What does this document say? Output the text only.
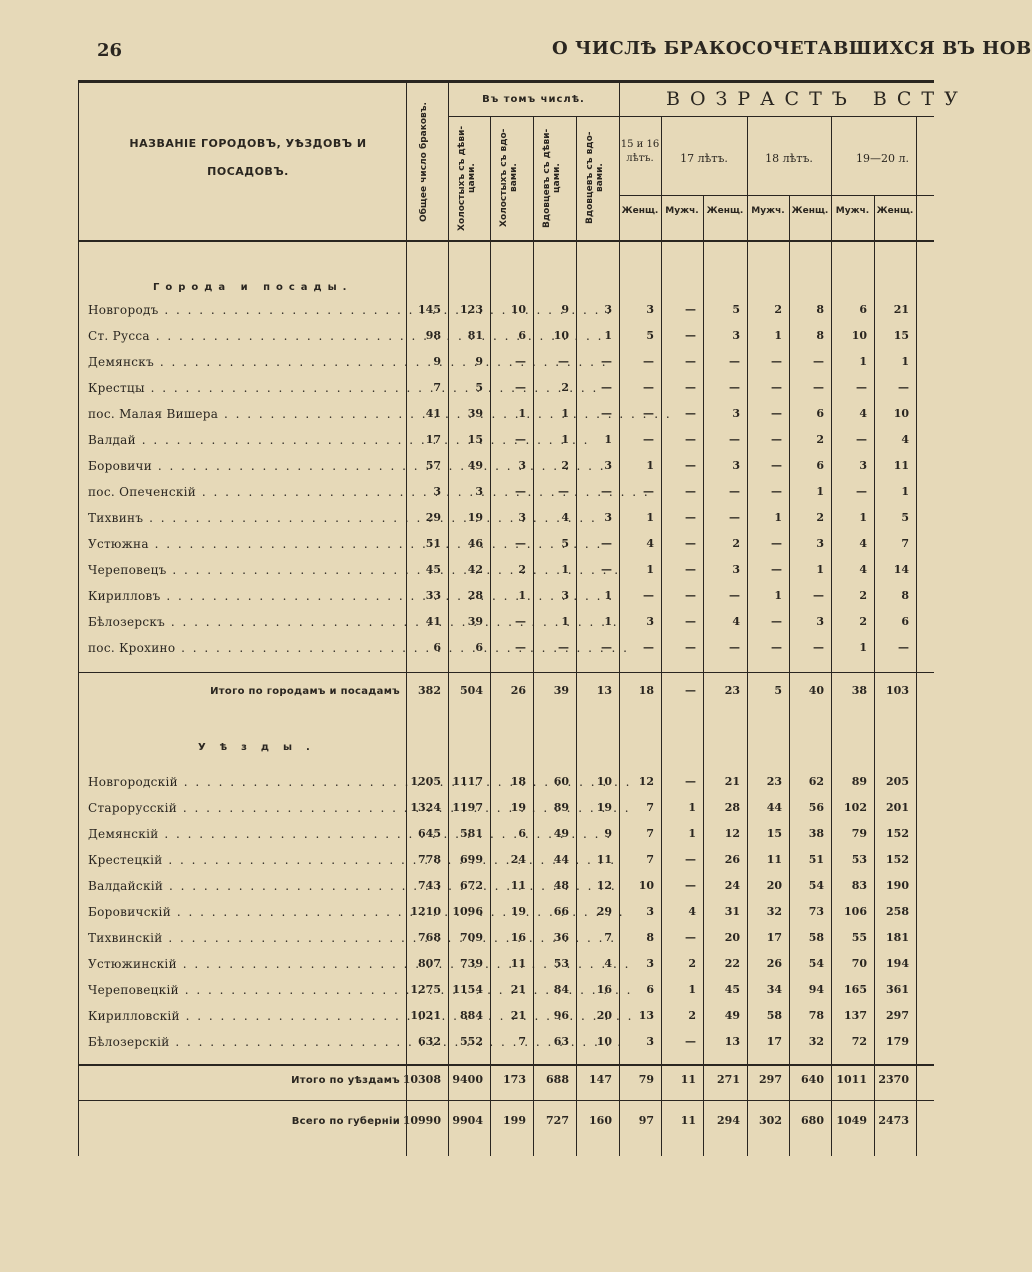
26	О ЧИСЛѢ БРАКОСОЧЕТАВШИХСЯ ВЪ НОВ
НАЗВАНІЕ ГОРОДОВЪ, УѢЗДОВЪ И
ПОСАДОВЪ.	Общее число браковъ.
Въ томъ числѣ.
Холостыхъ съ дѣви-цами.	Холостыхъ съ вдо-вами.	Вдовцевъ съ дѣви-цами.	Вдовцевъ съ вдо-вами.
ВОЗРАСТЪ ВСТУ
15 и 16 лѣтъ.	17 лѣтъ.	18 лѣтъ.	19—20 л.
Женщ. Мужч. Женщ. Мужч. Женщ. Мужч. Женщ.
Города и посады.
Уѣзды.
Новгородъ . . .	145	123	10	9	3	3	—	5	2	8	6	21
Ст. Русса . . .	98	81	6	10	1	5	—	3	1	8	10	15
Демянскъ . . .	9	9	—	—	—	—	—	—	—	—	1	1
Крестцы . . .	7	5	—	2	—	—	—	—	—	—	—	—
пос. Малая Вишера . . .	41	39	1	1	—	—	—	3	—	6	4	10
Валдай . . .	17	15	—	1	1	—	—	—	—	2	—	4
Боровичи . . .	57	49	3	2	3	1	—	3	—	6	3	11
пос. Опеченскій . . .	3	3	—	—	—	—	—	—	—	1	—	1
Тихвинъ . . .	29	19	3	4	3	1	—	—	1	2	1	5
Устюжна . . .	51	46	—	5	—	4	—	2	—	3	4	7
Череповецъ . . .	45	42	2	1	—	1	—	3	—	1	4	14
Кирилловъ . . .	33	28	1	3	1	—	—	—	1	—	2	8
Бѣлозерскъ . . .	41	39	—	1	1	3	—	4	—	3	2	6
пос. Крохино . . .	6	6	—	—	—	—	—	—	—	—	1	—
Итого по городамъ и посадамъ	382	504	26	39	13	18	—	23	5	40	38	103
Новгородскій . . .	1205	1117	18	60	10	12	—	21	23	62	89	205
Старорусскій . . .	1324	1197	19	89	19	7	1	28	44	56	102	201
Демянскій . . .	645	581	6	49	9	7	1	12	15	38	79	152
Крестецкій . . .	778	699	24	44	11	7	—	26	11	51	53	152
Валдайскій . . .	743	672	11	48	12	10	—	24	20	54	83	190
Боровичскій . . .	1210	1096	19	66	29	3	4	31	32	73	106	258
Тихвинскій . . .	768	709	16	36	7	8	—	20	17	58	55	181
Устюжинскій . . .	807	739	11	53	4	3	2	22	26	54	70	194
Череповецкій . . .	1275	1154	21	84	16	6	1	45	34	94	165	361
Кирилловскій . . .	1021	884	21	96	20	13	2	49	58	78	137	297
Бѣлозерскій . . .	632	552	7	63	10	3	—	13	17	32	72	179
Итого по уѣздамъ 10308	9400	173	688	147	79	11	271	297	640	1011	2370
Всего по губерніи 10990	9904	199	727	160	97	11	294	302	680	1049	2473
